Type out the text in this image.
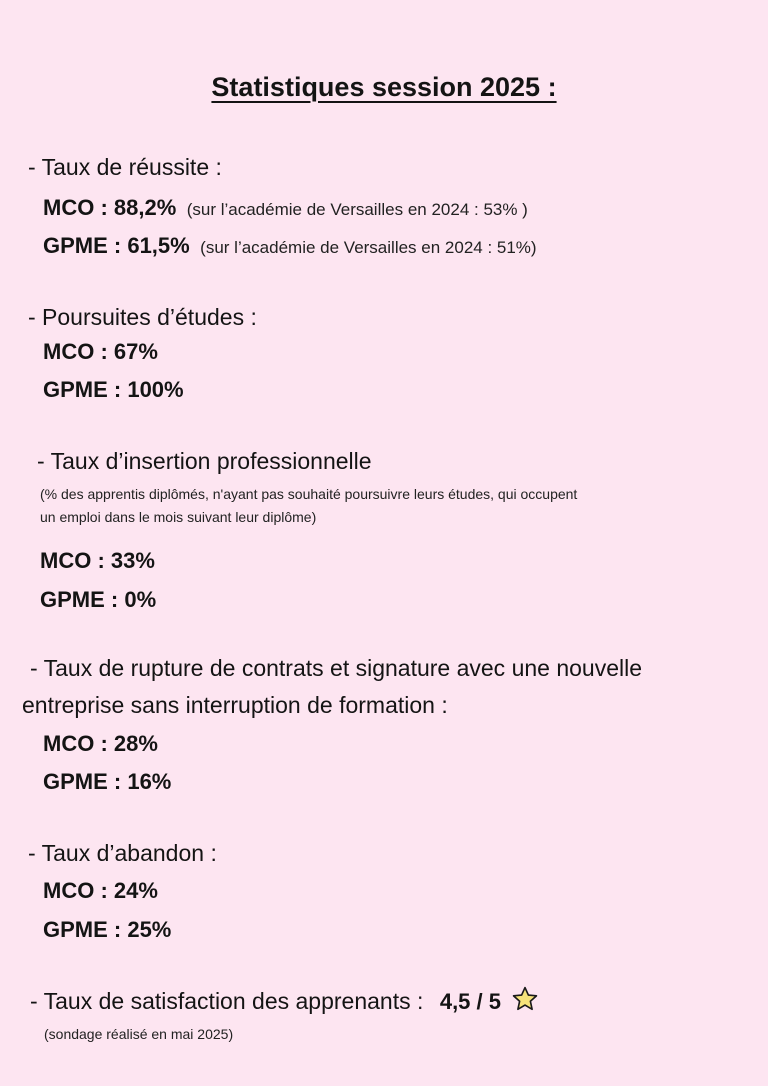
Statistiques session 2025 :
- Taux de réussite :
MCO : 88,2% (sur l’académie de Versailles en 2024 : 53% )
GPME : 61,5% (sur l’académie de Versailles en 2024 : 51%)
- Poursuites d’études :
MCO : 67%
GPME : 100%
- Taux d’insertion professionnelle
(% des apprentis diplômés, n'ayant pas souhaité poursuivre leurs études, qui occupent
un emploi dans le mois suivant leur diplôme)
MCO : 33%
GPME : 0%
- Taux de rupture de contrats et signature avec une nouvelle
entreprise sans interruption de formation :
MCO : 28%
GPME : 16%
- Taux d’abandon :
MCO : 24%
GPME : 25%
- Taux de satisfaction des apprenants : 4,5 / 5
(sondage réalisé en mai 2025)
